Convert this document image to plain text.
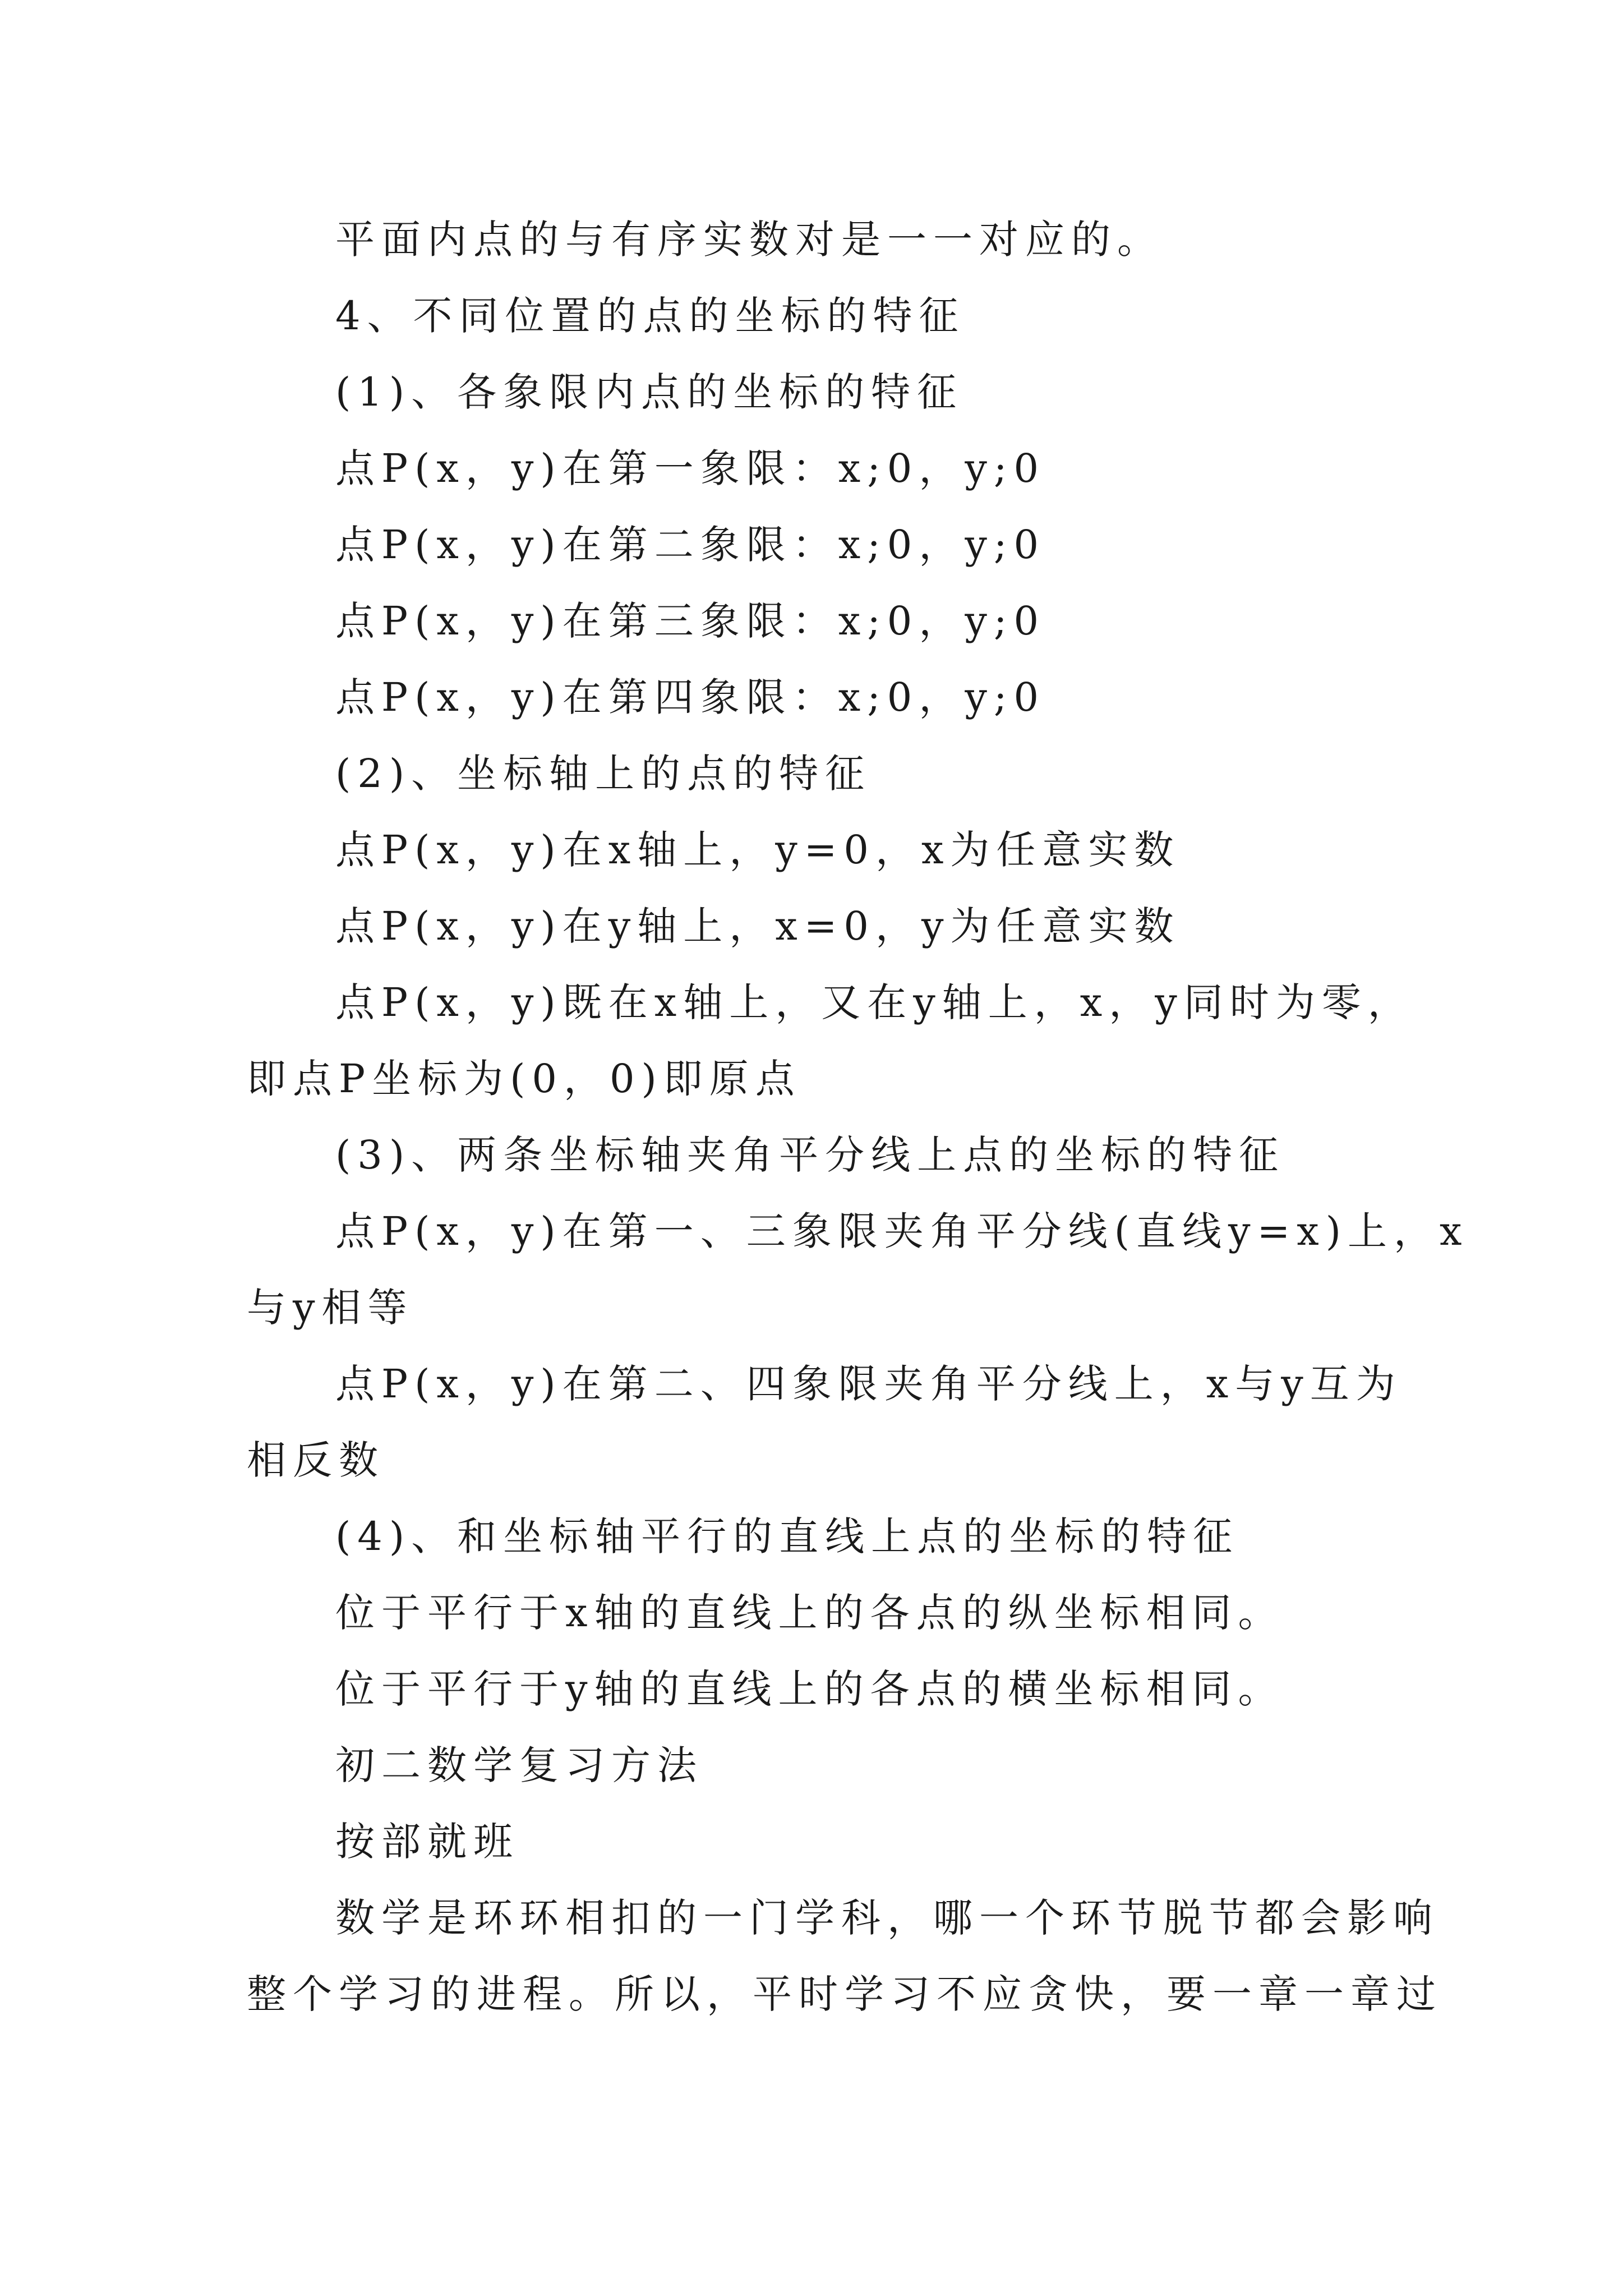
平面内点的与有序实数对是一一对应的。
4、不同位置的点的坐标的特征
(1)、各象限内点的坐标的特征
点P(x，y)在第一象限：x;0，y;0
点P(x，y)在第二象限：x;0，y;0
点P(x，y)在第三象限：x;0，y;0
点P(x，y)在第四象限：x;0，y;0
(2)、坐标轴上的点的特征
点P(x，y)在x轴上，y=0，x为任意实数
点P(x，y)在y轴上，x=0，y为任意实数
点P(x，y)既在x轴上，又在y轴上，x，y同时为零，
即点P坐标为(0，0)即原点
(3)、两条坐标轴夹角平分线上点的坐标的特征
点P(x，y)在第一、三象限夹角平分线(直线y=x)上，x
与y相等
点P(x，y)在第二、四象限夹角平分线上，x与y互为
相反数
(4)、和坐标轴平行的直线上点的坐标的特征
位于平行于x轴的直线上的各点的纵坐标相同。
位于平行于y轴的直线上的各点的横坐标相同。
初二数学复习方法
按部就班
数学是环环相扣的一门学科，哪一个环节脱节都会影响
整个学习的进程。所以，平时学习不应贪快，要一章一章过
